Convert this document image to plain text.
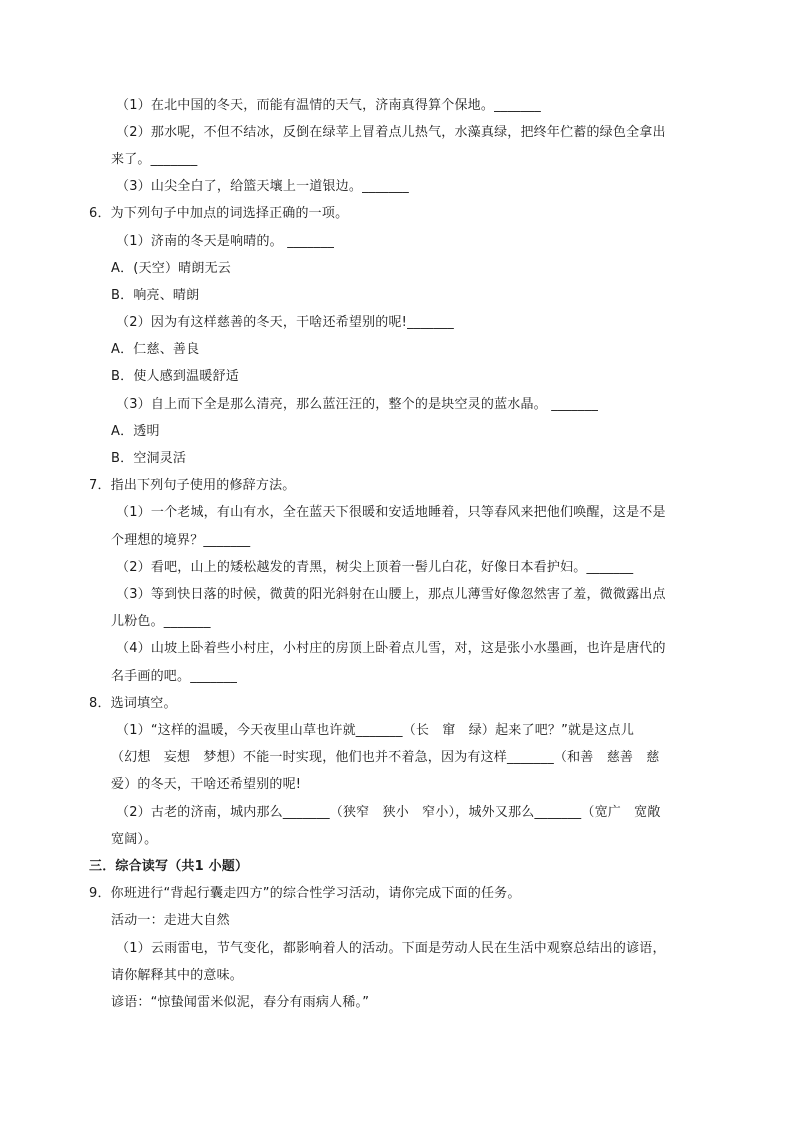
（1）在北中国的冬天，而能有温情的天气，济南真得算个保地。_______
（2）那水呢，不但不结冰，反倒在绿苹上冒着点儿热气，水藻真绿，把终年伫蓄的绿色全拿出
来了。_______
（3）山尖全白了，给篮天壤上一道银边。_______
6．为下列句子中加点的词选择正确的一项。
（1）济南的冬天是响晴的。 _______
A．(天空）晴朗无云
B．响亮、晴朗
（2）因为有这样慈善的冬天，干啥还希望别的呢!_______
A．仁慈、善良
B．使人感到温暖舒适
（3）自上而下全是那么清亮，那么蓝汪汪的，整个的是块空灵的蓝水晶。 _______
A．透明
B．空洞灵活
7．指出下列句子使用的修辞方法。
（1）一个老城，有山有水，全在蓝天下很暖和安适地睡着，只等春风来把他们唤醒，这是不是
个理想的境界？_______
（2）看吧，山上的矮松越发的青黑，树尖上顶着一髻儿白花，好像日本看护妇。_______
（3）等到快日落的时候，微黄的阳光斜射在山腰上，那点儿薄雪好像忽然害了羞，微微露出点
儿粉色。_______
（4）山坡上卧着些小村庄，小村庄的房顶上卧着点儿雪，对，这是张小水墨画，也许是唐代的
名手画的吧。_______
8．选词填空。
（1）“这样的温暖，今天夜里山草也许就_______（长　窜　绿）起来了吧？”就是这点儿
（幻想　妄想　梦想）不能一时实现，他们也并不着急，因为有这样_______（和善　慈善　慈
爱）的冬天，干啥还希望别的呢!
（2）古老的济南，城内那么_______（狭窄　狭小　窄小），城外又那么_______（宽广　宽敞
宽阔）。
三．综合读写（共1 小题）
9．你班进行“背起行囊走四方”的综合性学习活动，请你完成下面的任务。
活动一：走进大自然
（1）云雨雷电，节气变化，都影响着人的活动。下面是劳动人民在生活中观察总结出的谚语，
请你解释其中的意味。
谚语：“惊蛰闻雷米似泥，春分有雨病人稀。”
